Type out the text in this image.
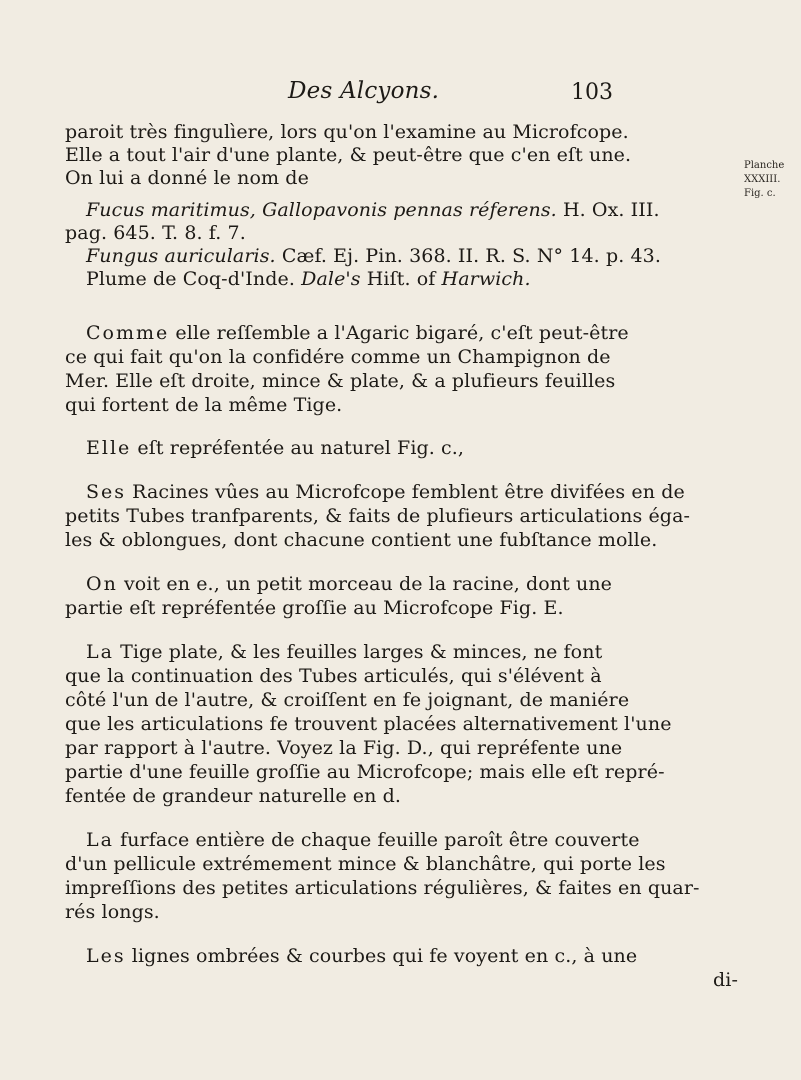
Des Alcyons.	103
Planche
XXXIII.
Fig. c.
paroit très fingulìere, lors qu'on l'examine au Microfcope.
Elle a tout l'air d'une plante, & peut-être que c'en eſt une.
On lui a donné le nom de
Fucus maritimus, Gallopavonis pennas réferens. H. Ox. III.
pag. 645. T. 8. f. 7.
Fungus auricularis. Cæf. Ej. Pin. 368. II. R. S. N° 14. p. 43.
Plume de Coq-d'Inde. Dale's Hiſt. of Harwich.
Comme elle reſſemble a l'Agaric bigaré, c'eſt peut-être
ce qui fait qu'on la confidére comme un Champignon de
Mer. Elle eſt droite, mince & plate, & a plufieurs feuilles
qui fortent de la même Tige.
Elle eſt repréfentée au naturel Fig. c.,
Ses Racines vûes au Microfcope femblent être divifées en de
petits Tubes tranfparents, & faits de plufieurs articulations éga-
les & oblongues, dont chacune contient une fubſtance molle.
On voit en e., un petit morceau de la racine, dont une
partie eſt repréfentée groſſie au Microfcope Fig. E.
La Tige plate, & les feuilles larges & minces, ne font
que la continuation des Tubes articulés, qui s'élévent à
côté l'un de l'autre, & croiſſent en fe joignant, de maniére
que les articulations fe trouvent placées alternativement l'une
par rapport à l'autre. Voyez la Fig. D., qui repréfente une
partie d'une feuille groſſie au Microfcope; mais elle eſt repré-
fentée de grandeur naturelle en d.
La furface entière de chaque feuille paroît être couverte
d'un pellicule extrémement mince & blanchâtre, qui porte les
impreſſions des petites articulations régulières, & faites en quar-
rés longs.
Les lignes ombrées & courbes qui fe voyent en c., à une
di-
